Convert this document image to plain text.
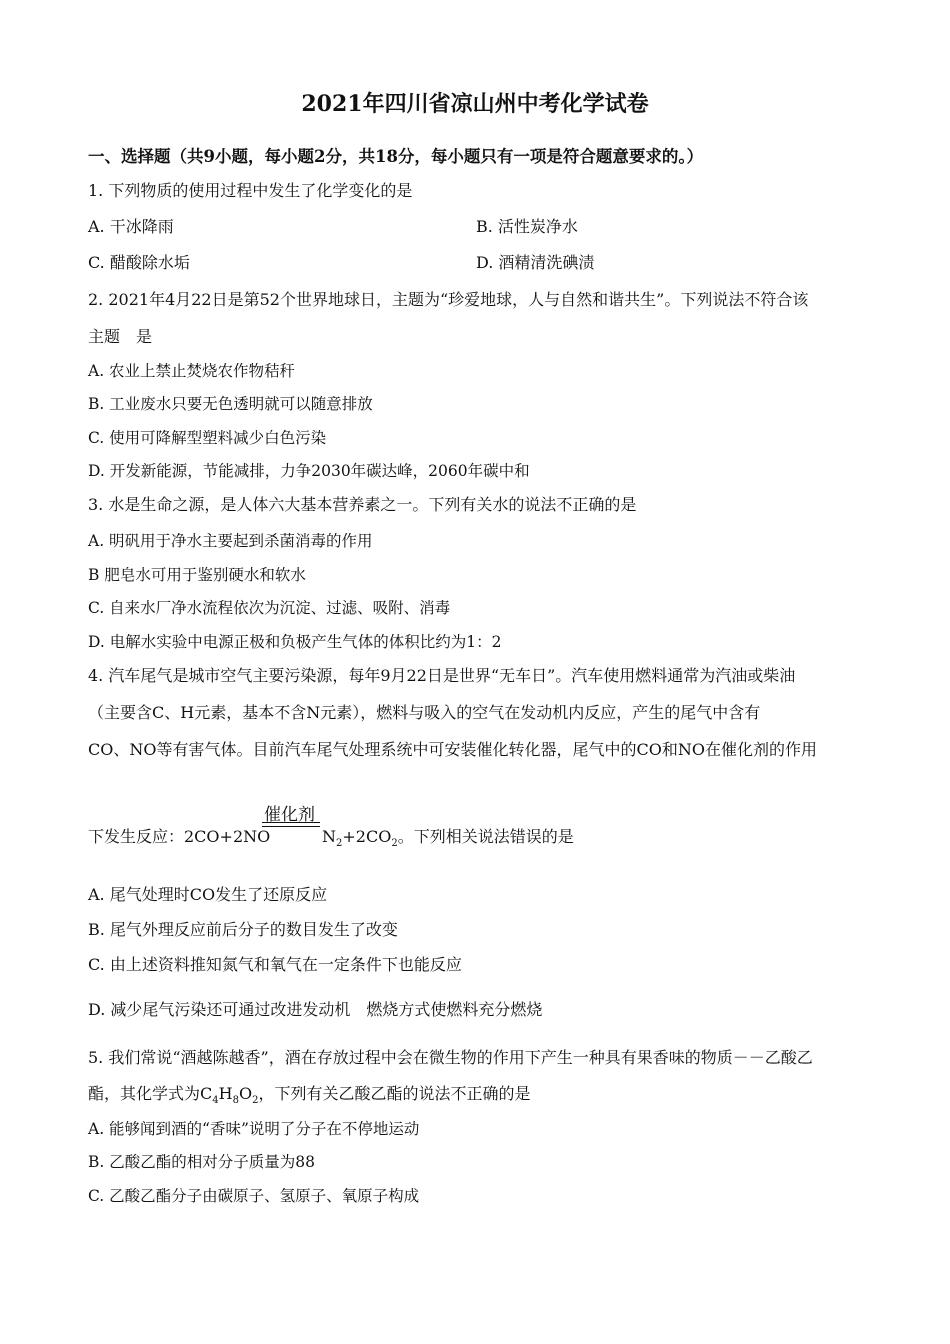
2021年四川省凉山州中考化学试卷
一、选择题（共9小题，每小题2分，共18分，每小题只有一项是符合题意要求的。）
1. 下列物质的使用过程中发生了化学变化的是
A. 干冰降雨	B. 活性炭净水
C. 醋酸除水垢	D. 酒精清洗碘渍
2. 2021年4月22日是第52个世界地球日，主题为“珍爱地球，人与自然和谐共生”。下列说法不符合该
主题　是
A. 农业上禁止焚烧农作物秸秆
B. 工业废水只要无色透明就可以随意排放
C. 使用可降解型塑料减少白色污染
D. 开发新能源，节能减排，力争2030年碳达峰，2060年碳中和
3. 水是生命之源，是人体六大基本营养素之一。下列有关水的说法不正确的是
A. 明矾用于净水主要起到杀菌消毒的作用
B 肥皂水可用于鉴别硬水和软水
C. 自来水厂净水流程依次为沉淀、过滤、吸附、消毒
D. 电解水实验中电源正极和负极产生气体的体积比约为1：2
4. 汽车尾气是城市空气主要污染源，每年9月22日是世界“无车日”。汽车使用燃料通常为汽油或柴油
（主要含C、H元素，基本不含N元素），燃料与吸入的空气在发动机内反应，产生的尾气中含有
CO、NO等有害气体。目前汽车尾气处理系统中可安装催化转化器，尾气中的CO和NO在催化剂的作用
催化剂
下发生反应：2CO+2NO	$N_2+2CO_2$。下列相关说法错误的是
A. 尾气处理时CO发生了还原反应
B. 尾气外理反应前后分子的数目发生了改变
C. 由上述资料推知氮气和氧气在一定条件下也能反应
D. 减少尾气污染还可通过改进发动机　燃烧方式使燃料充分燃烧
5. 我们常说“酒越陈越香”，酒在存放过程中会在微生物的作用下产生一种具有果香味的物质－－乙酸乙
酯，其化学式为$C_4H_8O_2$，下列有关乙酸乙酯的说法不正确的是
A. 能够闻到酒的“香味”说明了分子在不停地运动
B. 乙酸乙酯的相对分子质量为88
C. 乙酸乙酯分子由碳原子、氢原子、氧原子构成
